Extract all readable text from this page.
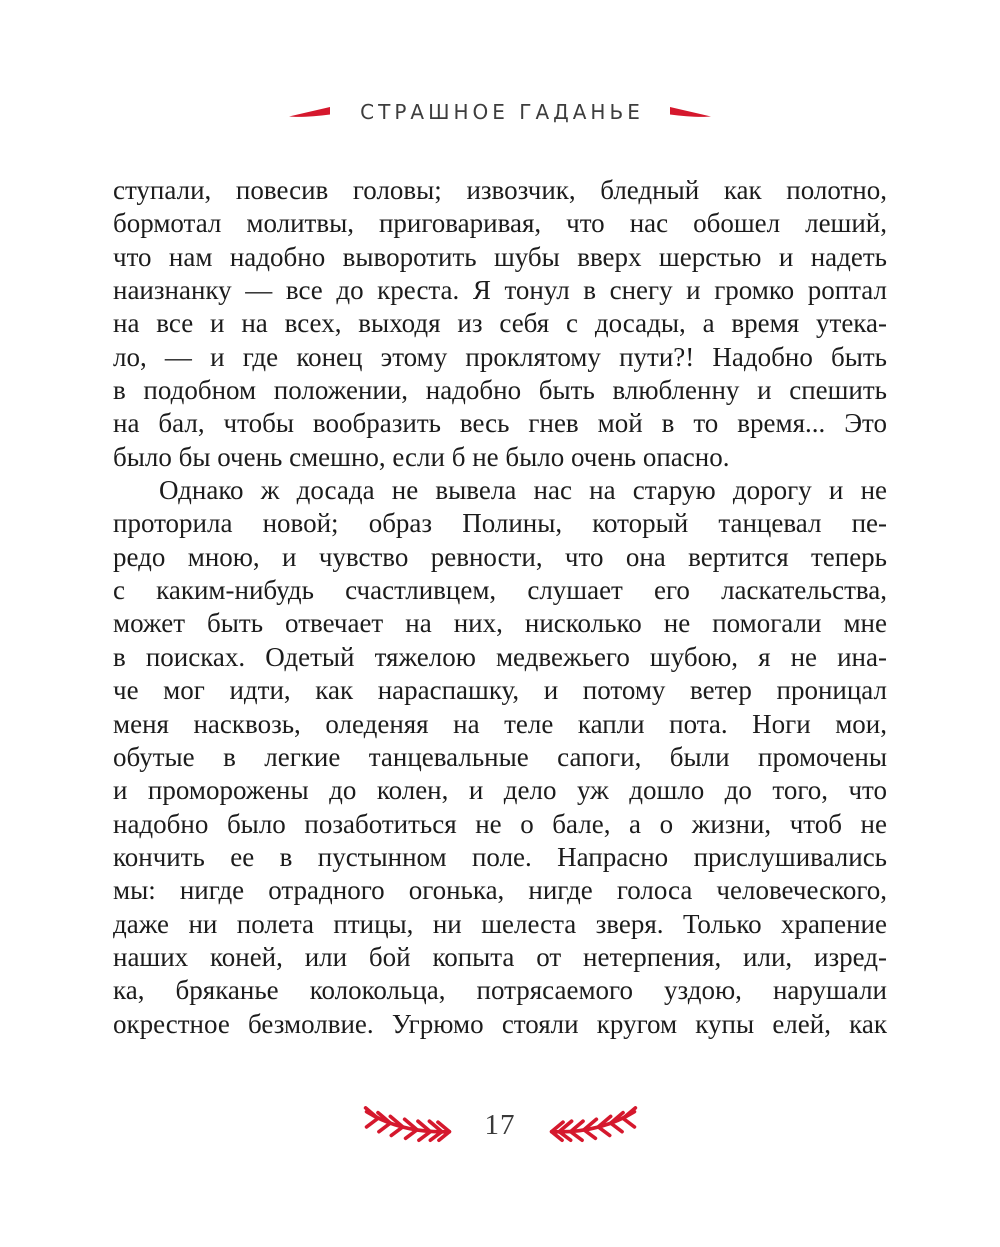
СТРАШНОЕ ГАДАНЬЕ
ступали, повесив головы; извозчик, бледный как полотно,
бормотал молитвы, приговаривая, что нас обошел леший,
что нам надобно выворотить шубы вверх шерстью и надеть
наизнанку — все до креста. Я тонул в снегу и громко роптал
на все и на всех, выходя из себя с досады, а время утека-
ло, — и где конец этому проклятому пути?! Надобно быть
в подобном положении, надобно быть влюбленну и спешить
на бал, чтобы вообразить весь гнев мой в то время... Это
было бы очень смешно, если б не было очень опасно.
Однако ж досада не вывела нас на старую дорогу и не
проторила новой; образ Полины, который танцевал пе-
редо мною, и чувство ревности, что она вертится теперь
с каким-нибудь счастливцем, слушает его ласкательства,
может быть отвечает на них, нисколько не помогали мне
в поисках. Одетый тяжелою медвежьего шубою, я не ина-
че мог идти, как нараспашку, и потому ветер проницал
меня насквозь, оледеняя на теле капли пота. Ноги мои,
обутые в легкие танцевальные сапоги, были промочены
и проморожены до колен, и дело уж дошло до того, что
надобно было позаботиться не о бале, а о жизни, чтоб не
кончить ее в пустынном поле. Напрасно прислушивались
мы: нигде отрадного огонька, нигде голоса человеческого,
даже ни полета птицы, ни шелеста зверя. Только храпение
наших коней, или бой копыта от нетерпения, или, изред-
ка, бряканье колокольца, потрясаемого уздою, нарушали
окрестное безмолвие. Угрюмо стояли кругом купы елей, как
17
